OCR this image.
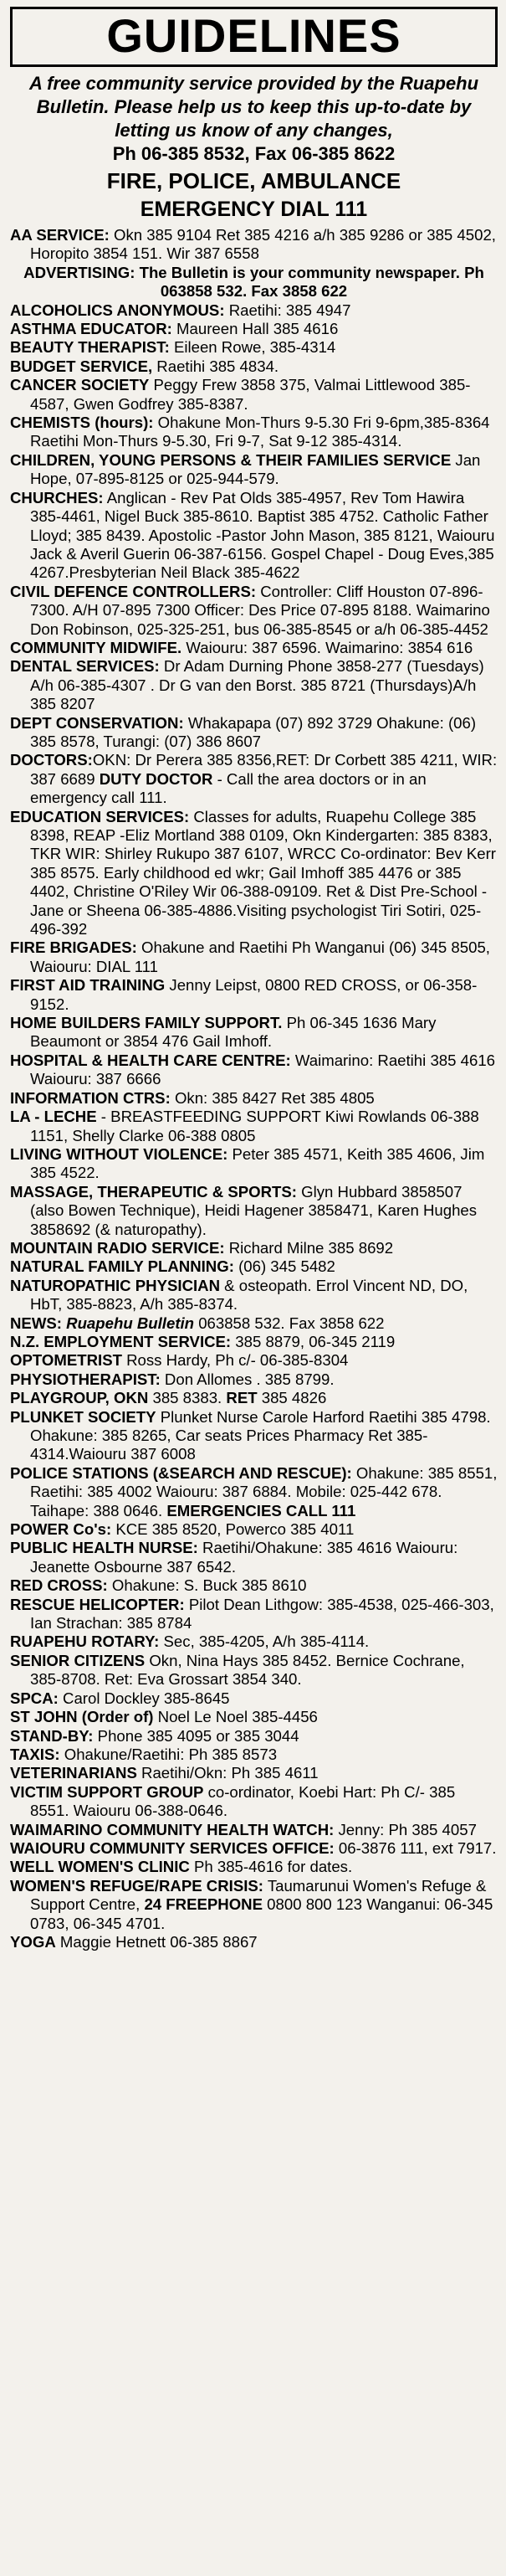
GUIDELINES

A free community service provided by the Ruapehu Bulletin. Please help us to keep this up-to-date by letting us know of any changes,
Ph 06-385 8532, Fax 06-385 8622

FIRE, POLICE, AMBULANCE
EMERGENCY DIAL 111

AA SERVICE: Okn 385 9104 Ret 385 4216 a/h 385 9286 or 385 4502, Horopito 3854 151. Wir 387 6558

ADVERTISING: The Bulletin is your community newspaper. Ph 063858 532. Fax 3858 622

ALCOHOLICS ANONYMOUS: Raetihi: 385 4947

ASTHMA EDUCATOR: Maureen Hall 385 4616

BEAUTY THERAPIST: Eileen Rowe, 385-4314

BUDGET SERVICE, Raetihi 385 4834.

CANCER SOCIETY Peggy Frew 3858 375, Valmai Littlewood 385-4587, Gwen Godfrey 385-8387.

CHEMISTS (hours): Ohakune Mon-Thurs 9-5.30 Fri 9-6pm,385-8364 Raetihi Mon-Thurs 9-5.30, Fri 9-7, Sat 9-12 385-4314.

CHILDREN, YOUNG PERSONS & THEIR FAMILIES SERVICE Jan Hope, 07-895-8125 or 025-944-579.

CHURCHES: Anglican - Rev Pat Olds 385-4957, Rev Tom Hawira 385-4461, Nigel Buck 385-8610. Baptist 385 4752. Catholic Father Lloyd; 385 8439. Apostolic -Pastor John Mason, 385 8121, Waiouru Jack & Averil Guerin 06-387-6156. Gospel Chapel - Doug Eves,385 4267.Presbyterian Neil Black 385-4622

CIVIL DEFENCE CONTROLLERS: Controller: Cliff Houston 07-896-7300. A/H 07-895 7300 Officer: Des Price 07-895 8188. Waimarino Don Robinson, 025-325-251, bus 06-385-8545 or a/h 06-385-4452

COMMUNITY MIDWIFE. Waiouru: 387 6596. Waimarino: 3854 616

DENTAL SERVICES: Dr Adam Durning Phone 3858-277 (Tuesdays) A/h 06-385-4307 . Dr G van den Borst. 385 8721 (Thursdays)A/h 385 8207

DEPT CONSERVATION: Whakapapa (07) 892 3729 Ohakune: (06) 385 8578, Turangi: (07) 386 8607

DOCTORS:OKN: Dr Perera 385 8356,RET: Dr Corbett 385 4211, WIR: 387 6689 DUTY DOCTOR - Call the area doctors or in an emergency call 111.

EDUCATION SERVICES: Classes for adults, Ruapehu College 385 8398, REAP -Eliz Mortland 388 0109, Okn Kindergarten: 385 8383, TKR WIR: Shirley Rukupo 387 6107, WRCC Co-ordinator: Bev Kerr 385 8575. Early childhood ed wkr; Gail Imhoff 385 4476 or 385 4402, Christine O'Riley Wir 06-388-09109. Ret & Dist Pre-School - Jane or Sheena 06-385-4886.Visiting psychologist Tiri Sotiri, 025-496-392

FIRE BRIGADES: Ohakune and Raetihi Ph Wanganui (06) 345 8505, Waiouru: DIAL 111

FIRST AID TRAINING Jenny Leipst, 0800 RED CROSS, or 06-358-9152.

HOME BUILDERS FAMILY SUPPORT. Ph 06-345 1636 Mary Beaumont or 3854 476 Gail Imhoff.

HOSPITAL & HEALTH CARE CENTRE: Waimarino: Raetihi 385 4616 Waiouru: 387 6666

INFORMATION CTRS: Okn: 385 8427 Ret 385 4805

LA - LECHE - BREASTFEEDING SUPPORT Kiwi Rowlands 06-388 1151, Shelly Clarke 06-388 0805

LIVING WITHOUT VIOLENCE: Peter 385 4571, Keith 385 4606, Jim 385 4522.

MASSAGE, THERAPEUTIC & SPORTS: Glyn Hubbard 3858507 (also Bowen Technique), Heidi Hagener 3858471, Karen Hughes 3858692 (& naturopathy).

MOUNTAIN RADIO SERVICE: Richard Milne 385 8692

NATURAL FAMILY PLANNING: (06) 345 5482

NATUROPATHIC PHYSICIAN & osteopath. Errol Vincent ND, DO, HbT, 385-8823, A/h 385-8374.

NEWS: Ruapehu Bulletin 063858 532. Fax 3858 622

N.Z. EMPLOYMENT SERVICE: 385 8879, 06-345 2119

OPTOMETRIST Ross Hardy, Ph c/- 06-385-8304

PHYSIOTHERAPIST: Don Allomes . 385 8799.

PLAYGROUP, OKN 385 8383. RET 385 4826

PLUNKET SOCIETY Plunket Nurse Carole Harford Raetihi 385 4798. Ohakune: 385 8265, Car seats Prices Pharmacy Ret 385-4314.Waiouru 387 6008

POLICE STATIONS (&SEARCH AND RESCUE): Ohakune: 385 8551, Raetihi: 385 4002 Waiouru: 387 6884. Mobile: 025-442 678. Taihape: 388 0646. EMERGENCIES CALL 111

POWER Co's: KCE 385 8520, Powerco 385 4011

PUBLIC HEALTH NURSE: Raetihi/Ohakune: 385 4616 Waiouru: Jeanette Osbourne 387 6542.

RED CROSS: Ohakune: S. Buck 385 8610

RESCUE HELICOPTER: Pilot Dean Lithgow: 385-4538, 025-466-303, Ian Strachan: 385 8784

RUAPEHU ROTARY: Sec, 385-4205, A/h 385-4114.

SENIOR CITIZENS Okn, Nina Hays 385 8452. Bernice Cochrane, 385-8708. Ret: Eva Grossart 3854 340.

SPCA: Carol Dockley 385-8645

ST JOHN (Order of) Noel Le Noel 385-4456

STAND-BY: Phone 385 4095 or 385 3044

TAXIS: Ohakune/Raetihi: Ph 385 8573

VETERINARIANS Raetihi/Okn: Ph 385 4611

VICTIM SUPPORT GROUP co-ordinator, Koebi Hart: Ph C/- 385 8551. Waiouru 06-388-0646.

WAIMARINO COMMUNITY HEALTH WATCH: Jenny: Ph 385 4057

WAIOURU COMMUNITY SERVICES OFFICE: 06-3876 111, ext 7917.

WELL WOMEN'S CLINIC Ph 385-4616 for dates.

WOMEN'S REFUGE/RAPE CRISIS: Taumarunui Women's Refuge & Support Centre, 24 FREEPHONE 0800 800 123 Wanganui: 06-345 0783, 06-345 4701.

YOGA Maggie Hetnett 06-385 8867
